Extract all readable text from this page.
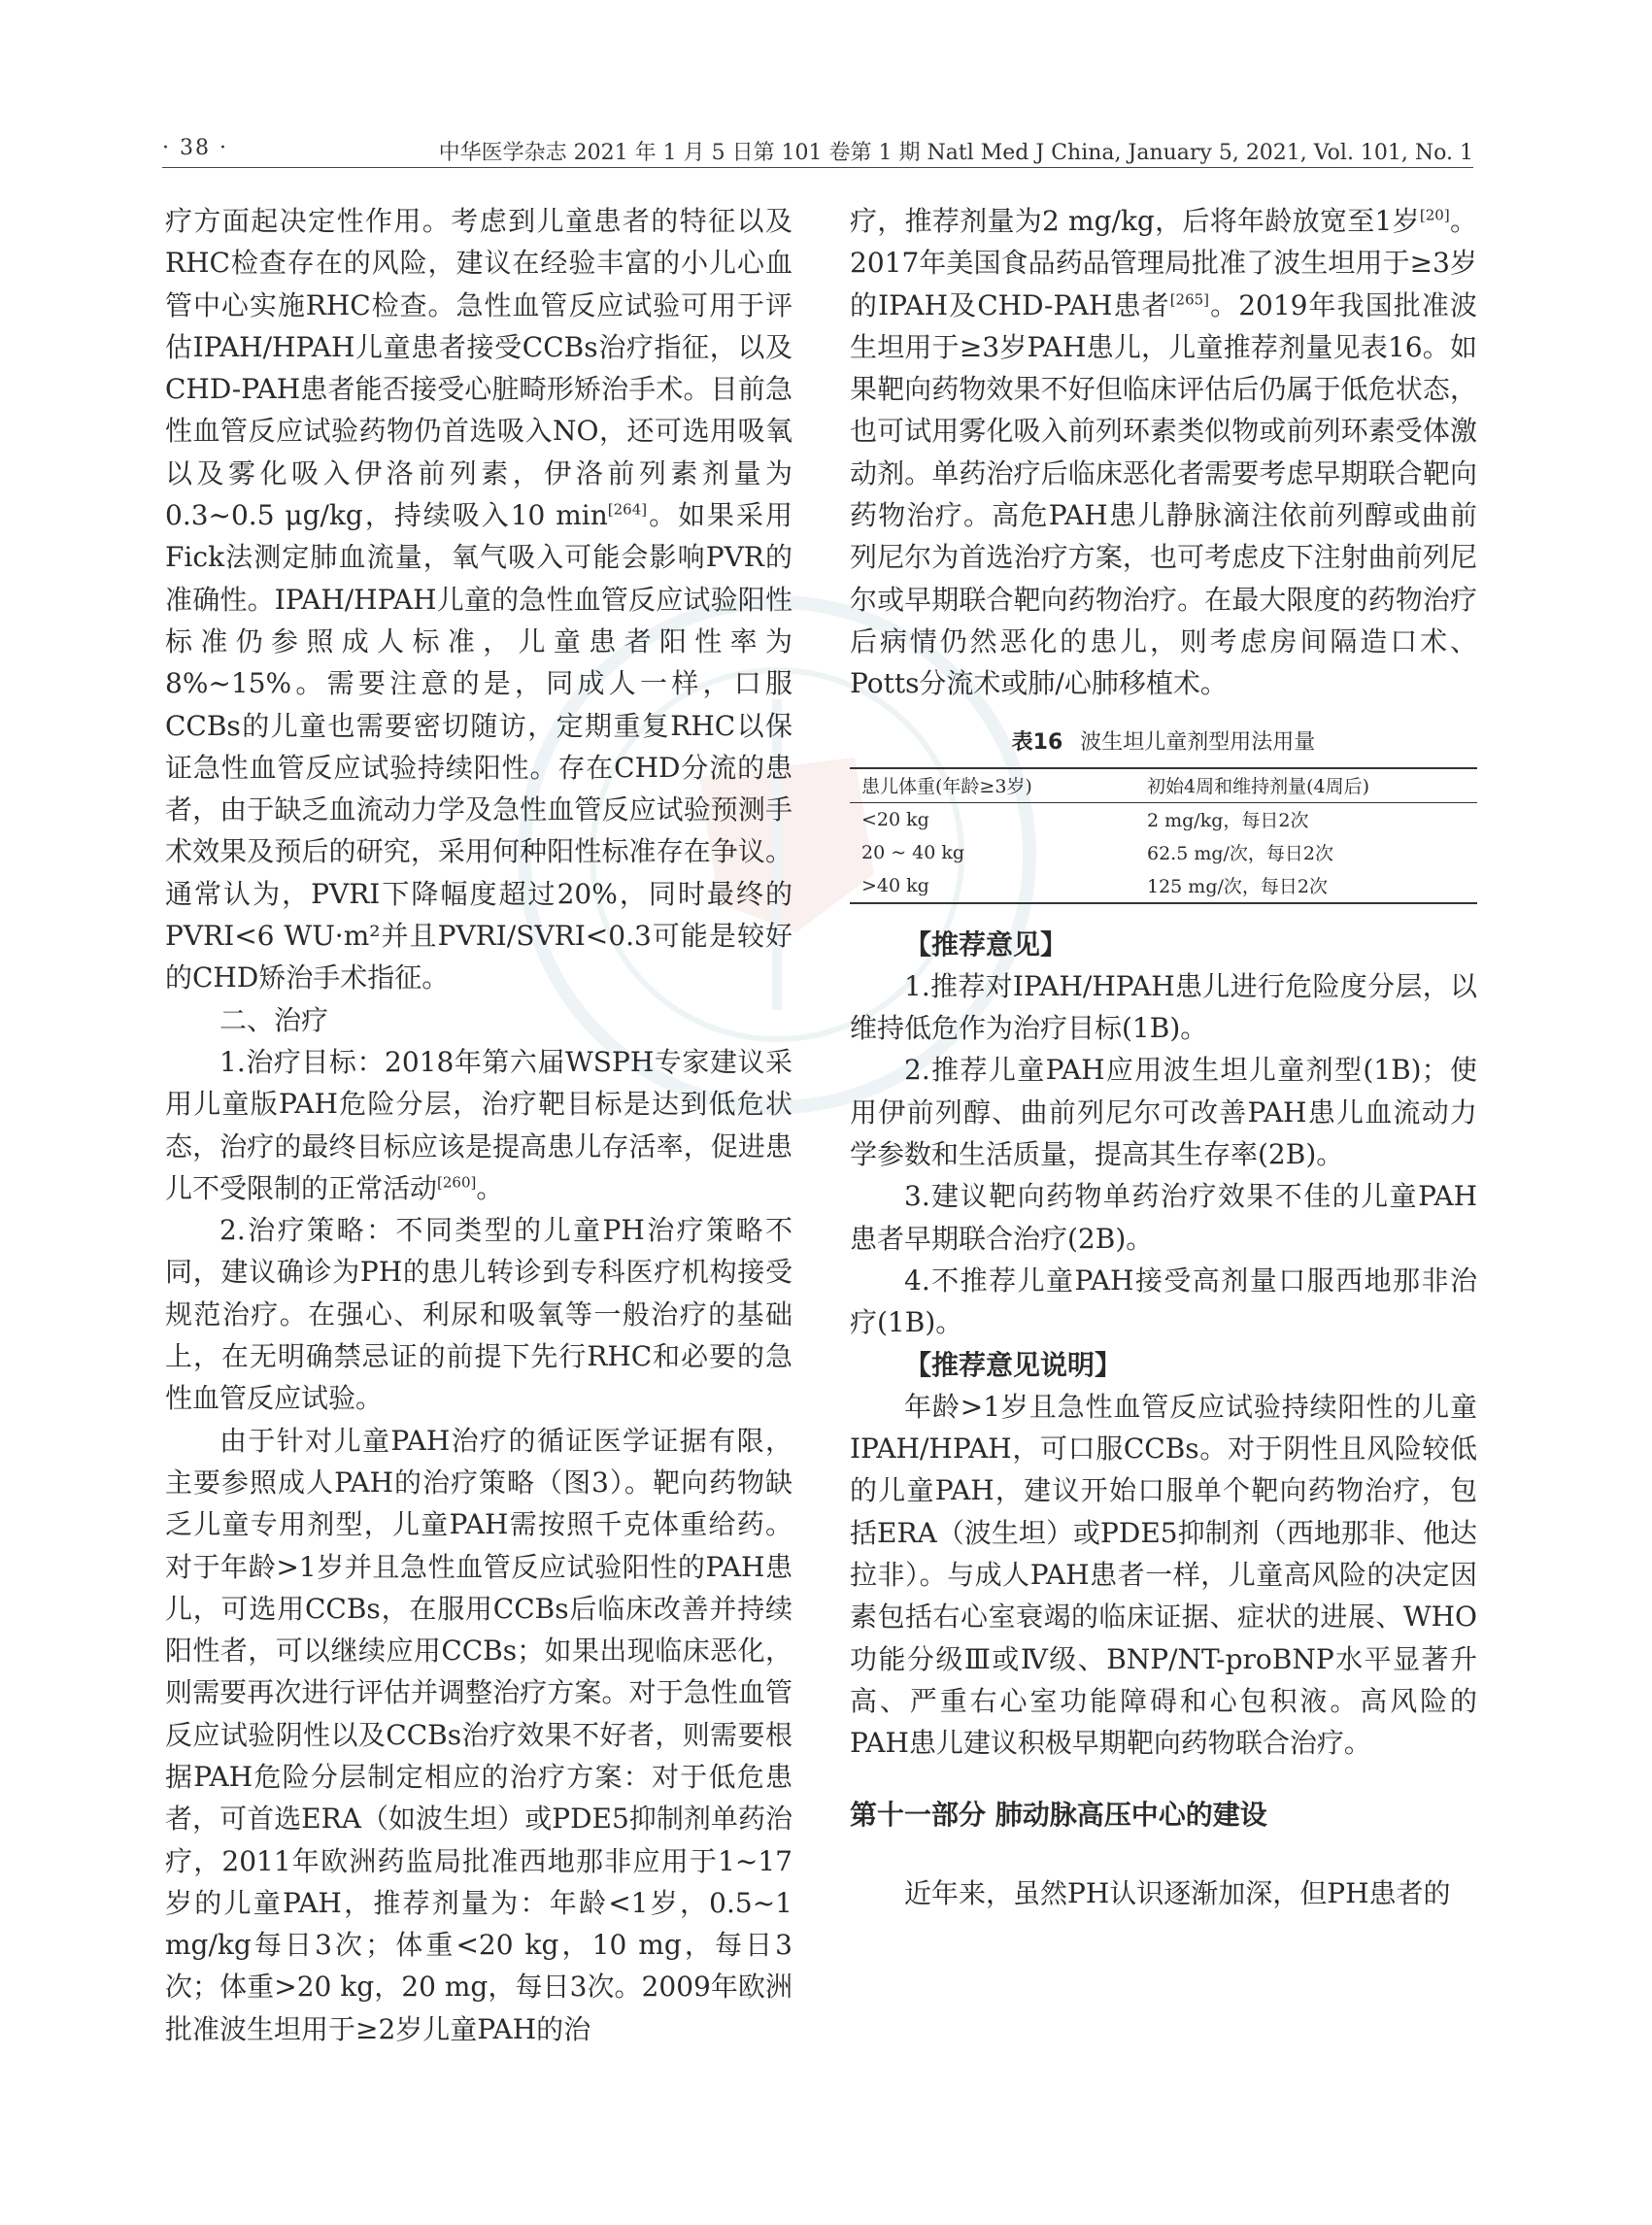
· 38 ·	中华医学杂志 2021 年 1 月 5 日第 101 卷第 1 期 Natl Med J China, January 5, 2021, Vol. 101, No. 1

疗方面起决定性作用。考虑到儿童患者的特征以及RHC检查存在的风险，建议在经验丰富的小儿心血管中心实施RHC检查。急性血管反应试验可用于评估IPAH/HPAH儿童患者接受CCBs治疗指征，以及CHD-PAH患者能否接受心脏畸形矫治手术。目前急性血管反应试验药物仍首选吸入NO，还可选用吸氧以及雾化吸入伊洛前列素，伊洛前列素剂量为0.3~0.5 μg/kg，持续吸入10 min[264]。如果采用Fick法测定肺血流量，氧气吸入可能会影响PVR的准确性。IPAH/HPAH儿童的急性血管反应试验阳性标准仍参照成人标准，儿童患者阳性率为8%~15%。需要注意的是，同成人一样，口服CCBs的儿童也需要密切随访，定期重复RHC以保证急性血管反应试验持续阳性。存在CHD分流的患者，由于缺乏血流动力学及急性血管反应试验预测手术效果及预后的研究，采用何种阳性标准存在争议。通常认为，PVRI下降幅度超过20%，同时最终的PVRI<6 WU·m²并且PVRI/SVRI<0.3可能是较好的CHD矫治手术指征。

二、治疗

1.治疗目标：2018年第六届WSPH专家建议采用儿童版PAH危险分层，治疗靶目标是达到低危状态，治疗的最终目标应该是提高患儿存活率，促进患儿不受限制的正常活动[260]。

2.治疗策略：不同类型的儿童PH治疗策略不同，建议确诊为PH的患儿转诊到专科医疗机构接受规范治疗。在强心、利尿和吸氧等一般治疗的基础上，在无明确禁忌证的前提下先行RHC和必要的急性血管反应试验。

由于针对儿童PAH治疗的循证医学证据有限，主要参照成人PAH的治疗策略（图3）。靶向药物缺乏儿童专用剂型，儿童PAH需按照千克体重给药。对于年龄>1岁并且急性血管反应试验阳性的PAH患儿，可选用CCBs，在服用CCBs后临床改善并持续阳性者，可以继续应用CCBs；如果出现临床恶化，则需要再次进行评估并调整治疗方案。对于急性血管反应试验阴性以及CCBs治疗效果不好者，则需要根据PAH危险分层制定相应的治疗方案：对于低危患者，可首选ERA（如波生坦）或PDE5抑制剂单药治疗，2011年欧洲药监局批准西地那非应用于1~17岁的儿童PAH，推荐剂量为：年龄<1岁，0.5~1 mg/kg每日3次；体重<20 kg，10 mg，每日3次；体重>20 kg，20 mg，每日3次。2009年欧洲批准波生坦用于≥2岁儿童PAH的治

疗，推荐剂量为2 mg/kg，后将年龄放宽至1岁[20]。2017年美国食品药品管理局批准了波生坦用于≥3岁的IPAH及CHD-PAH患者[265]。2019年我国批准波生坦用于≥3岁PAH患儿，儿童推荐剂量见表16。如果靶向药物效果不好但临床评估后仍属于低危状态，也可试用雾化吸入前列环素类似物或前列环素受体激动剂。单药治疗后临床恶化者需要考虑早期联合靶向药物治疗。高危PAH患儿静脉滴注依前列醇或曲前列尼尔为首选治疗方案，也可考虑皮下注射曲前列尼尔或早期联合靶向药物治疗。在最大限度的药物治疗后病情仍然恶化的患儿，则考虑房间隔造口术、Potts分流术或肺/心肺移植术。

表16 波生坦儿童剂型用法用量
患儿体重(年龄≥3岁)	初始4周和维持剂量(4周后)
<20 kg	2 mg/kg，每日2次
20 ~ 40 kg	62.5 mg/次，每日2次
>40 kg	125 mg/次，每日2次

【推荐意见】

1.推荐对IPAH/HPAH患儿进行危险度分层，以维持低危作为治疗目标(1B)。

2.推荐儿童PAH应用波生坦儿童剂型(1B)；使用伊前列醇、曲前列尼尔可改善PAH患儿血流动力学参数和生活质量，提高其生存率(2B)。

3.建议靶向药物单药治疗效果不佳的儿童PAH患者早期联合治疗(2B)。

4.不推荐儿童PAH接受高剂量口服西地那非治疗(1B)。

【推荐意见说明】

年龄>1岁且急性血管反应试验持续阳性的儿童IPAH/HPAH，可口服CCBs。对于阴性且风险较低的儿童PAH，建议开始口服单个靶向药物治疗，包括ERA（波生坦）或PDE5抑制剂（西地那非、他达拉非）。与成人PAH患者一样，儿童高风险的决定因素包括右心室衰竭的临床证据、症状的进展、WHO功能分级Ⅲ或Ⅳ级、BNP/NT-proBNP水平显著升高、严重右心室功能障碍和心包积液。高风险的PAH患儿建议积极早期靶向药物联合治疗。

第十一部分 肺动脉高压中心的建设

近年来，虽然PH认识逐渐加深，但PH患者的
